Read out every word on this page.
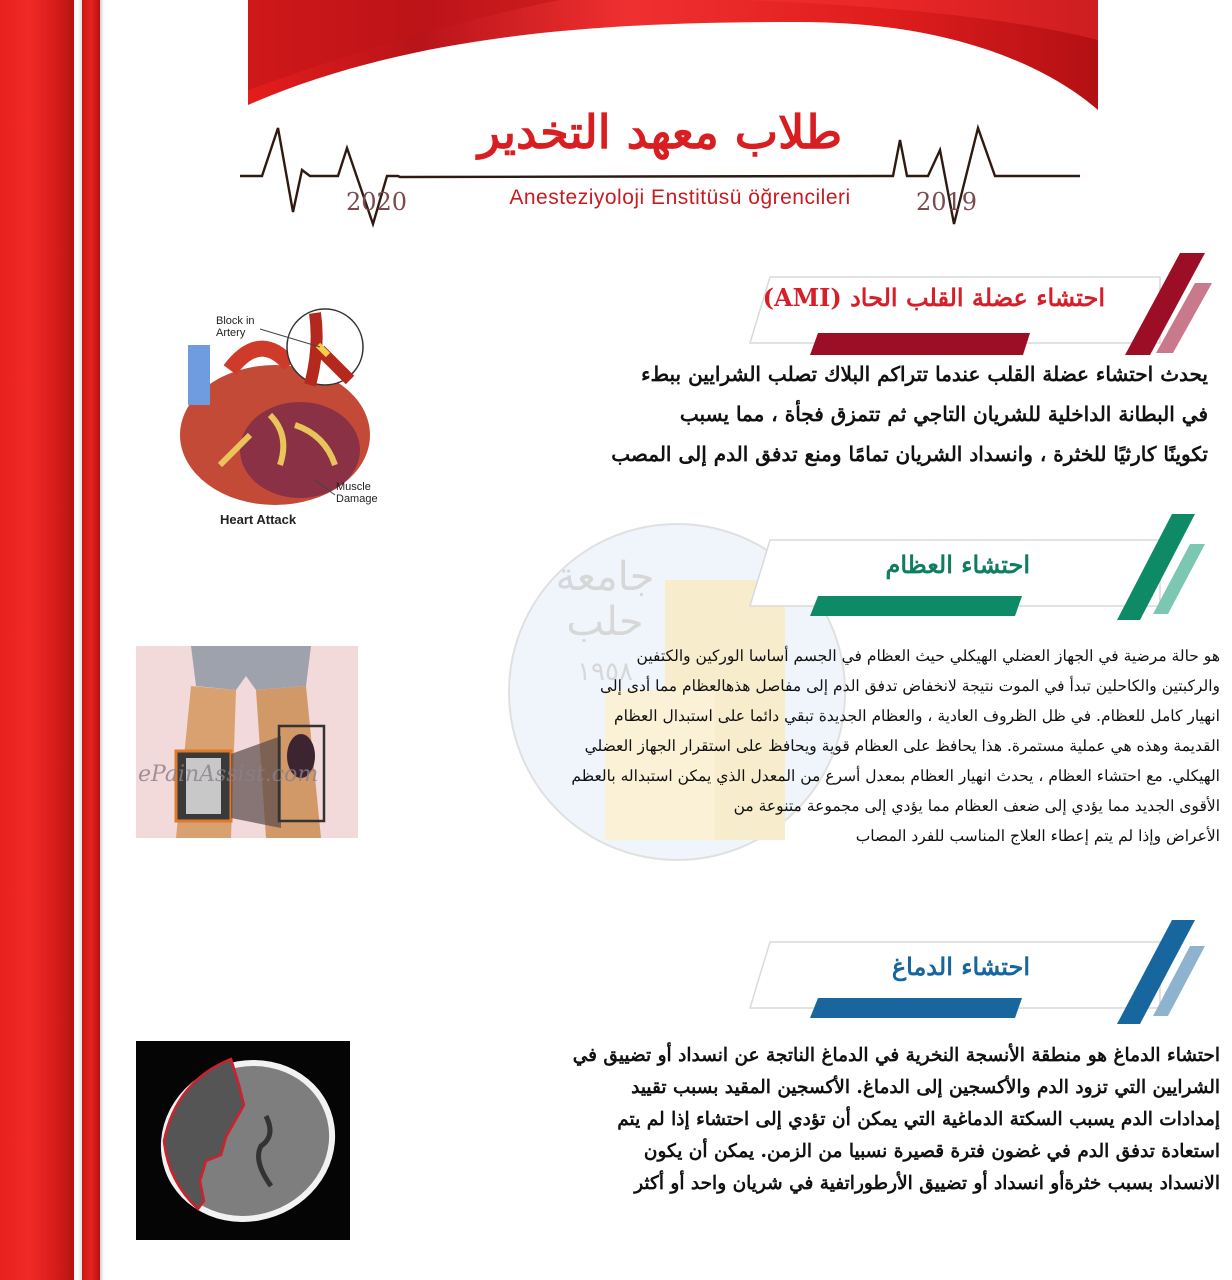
طلاب معهد التخدير
2020	Anesteziyoloji Enstitüsü öğrencileri	2019
جامعة
حلب
١٩٥٨
احتشاء عضلة القلب الحاد (AMI)
Block in
Artery
Muscle
Damage
Heart Attack

يحدث احتشاء عضلة القلب عندما تتراكم البلاك تصلب الشرايين ببطء

في البطانة الداخلية للشريان التاجي ثم تتمزق فجأة ، مما يسبب

تكوينًا كارثيًا للخثرة ، وانسداد الشريان تمامًا ومنع تدفق الدم إلى المصب

احتشاء العظام
ePainAssist.com

هو حالة مرضية في الجهاز العضلي الهيكلي حيث العظام في الجسم أساسا الوركين والكتفين

والركبتين والكاحلين تبدأ في الموت نتيجة لانخفاض تدفق الدم إلى مفاصل هذهالعظام مما أدى إلى

انهيار كامل للعظام. في ظل الظروف العادية ، والعظام الجديدة تبقي دائما على استبدال العظام

القديمة وهذه هي عملية مستمرة. هذا يحافظ على العظام قوية ويحافظ على استقرار الجهاز العضلي

الهيكلي. مع احتشاء العظام ، يحدث انهيار العظام بمعدل أسرع من المعدل الذي يمكن استبداله بالعظم

الأقوى الجديد مما يؤدي إلى ضعف العظام مما يؤدي إلى مجموعة متنوعة من

الأعراض وإذا لم يتم إعطاء العلاج المناسب للفرد المصاب

احتشاء الدماغ

احتشاء الدماغ هو منطقة الأنسجة النخرية في الدماغ الناتجة عن انسداد أو تضييق في

الشرايين التي تزود الدم والأكسجين إلى الدماغ. الأكسجين المقيد بسبب تقييد

إمدادات الدم يسبب السكتة الدماغية التي يمكن أن تؤدي إلى احتشاء إذا لم يتم

استعادة تدفق الدم في غضون فترة قصيرة نسبيا من الزمن. يمكن أن يكون

الانسداد بسبب خثرةأو انسداد أو تضييق الأرطوراتفية في شريان واحد أو أكثر
